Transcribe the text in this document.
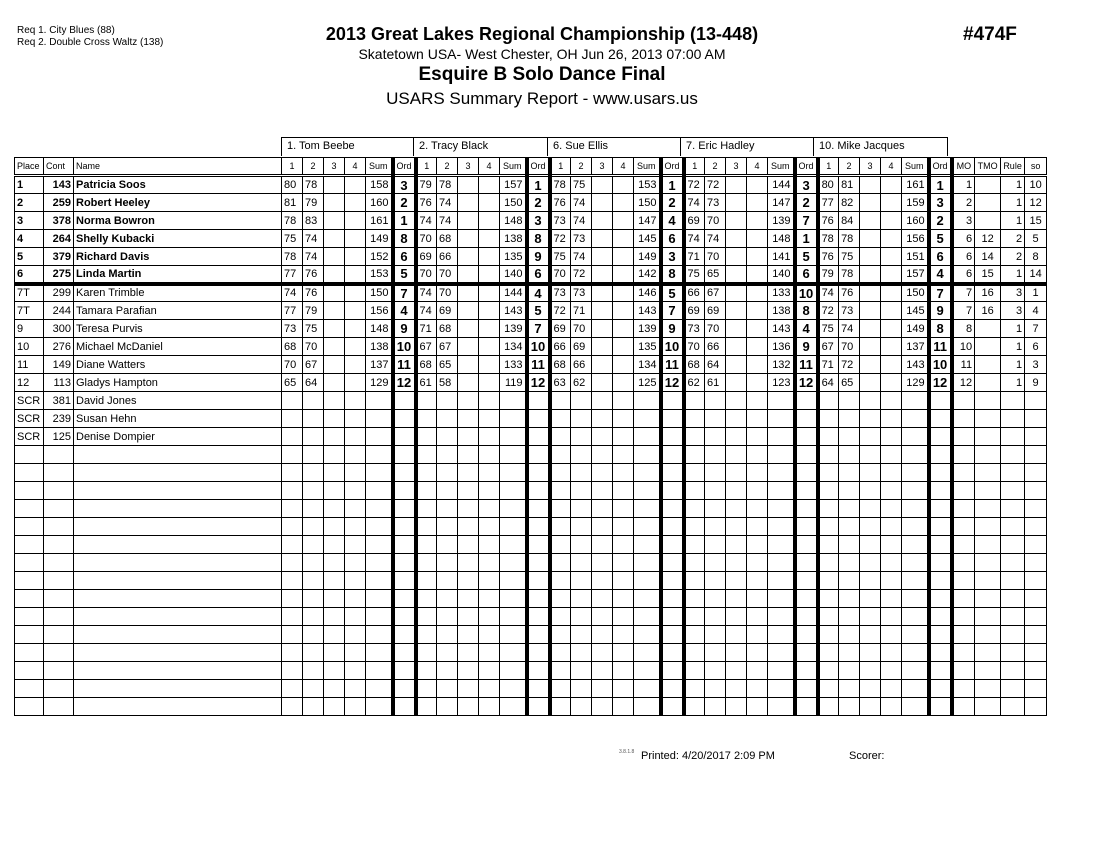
Req 1. City Blues (88)
Req 2. Double Cross Waltz (138)	2013 Great Lakes Regional Championship (13-448)
Skatetown USA- West Chester, OH Jun 26, 2013 07:00 AM
Esquire B Solo Dance Final
USARS Summary Report - www.usars.us
#474F
1. Tom Beebe	2. Tracy Black	6. Sue Ellis	7. Eric Hadley	10. Mike Jacques
Place	Cont	Name	1	2	3	4	Sum	Ord	1	2	3	4	Sum	Ord	1	2	3	4	Sum	Ord	1	2	3	4	Sum	Ord	1	2	3	4	Sum	Ord	MO	TMO	Rule	so
1	143	Patricia Soos	80	78			158	3	79	78			157	1	78	75			153	1	72	72			144	3	80	81			161	1	1		1	10
2	259	Robert Heeley	81	79			160	2	76	74			150	2	76	74			150	2	74	73			147	2	77	82			159	3	2		1	12
3	378	Norma Bowron	78	83			161	1	74	74			148	3	73	74			147	4	69	70			139	7	76	84			160	2	3		1	15
4	264	Shelly Kubacki	75	74			149	8	70	68			138	8	72	73			145	6	74	74			148	1	78	78			156	5	6	12	2	5
5	379	Richard Davis	78	74			152	6	69	66			135	9	75	74			149	3	71	70			141	5	76	75			151	6	6	14	2	8
6	275	Linda Martin	77	76			153	5	70	70			140	6	70	72			142	8	75	65			140	6	79	78			157	4	6	15	1	14
7T	299	Karen Trimble	74	76			150	7	74	70			144	4	73	73			146	5	66	67			133	10	74	76			150	7	7	16	3	1
7T	244	Tamara Parafian	77	79			156	4	74	69			143	5	72	71			143	7	69	69			138	8	72	73			145	9	7	16	3	4
9	300	Teresa Purvis	73	75			148	9	71	68			139	7	69	70			139	9	73	70			143	4	75	74			149	8	8		1	7
10	276	Michael McDaniel	68	70			138	10	67	67			134	10	66	69			135	10	70	66			136	9	67	70			137	11	10		1	6
11	149	Diane Watters	70	67			137	11	68	65			133	11	68	66			134	11	68	64			132	11	71	72			143	10	11		1	3
12	113	Gladys Hampton	65	64			129	12	61	58			119	12	63	62			125	12	62	61			123	12	64	65			129	12	12		1	9
SCR	381	David Jones																																		
SCR	239	Susan Hehn																																		
SCR	125	Denise Dompier																																		

3.8.1.8 Printed: 4/20/2017 2:09 PM	Scorer:
